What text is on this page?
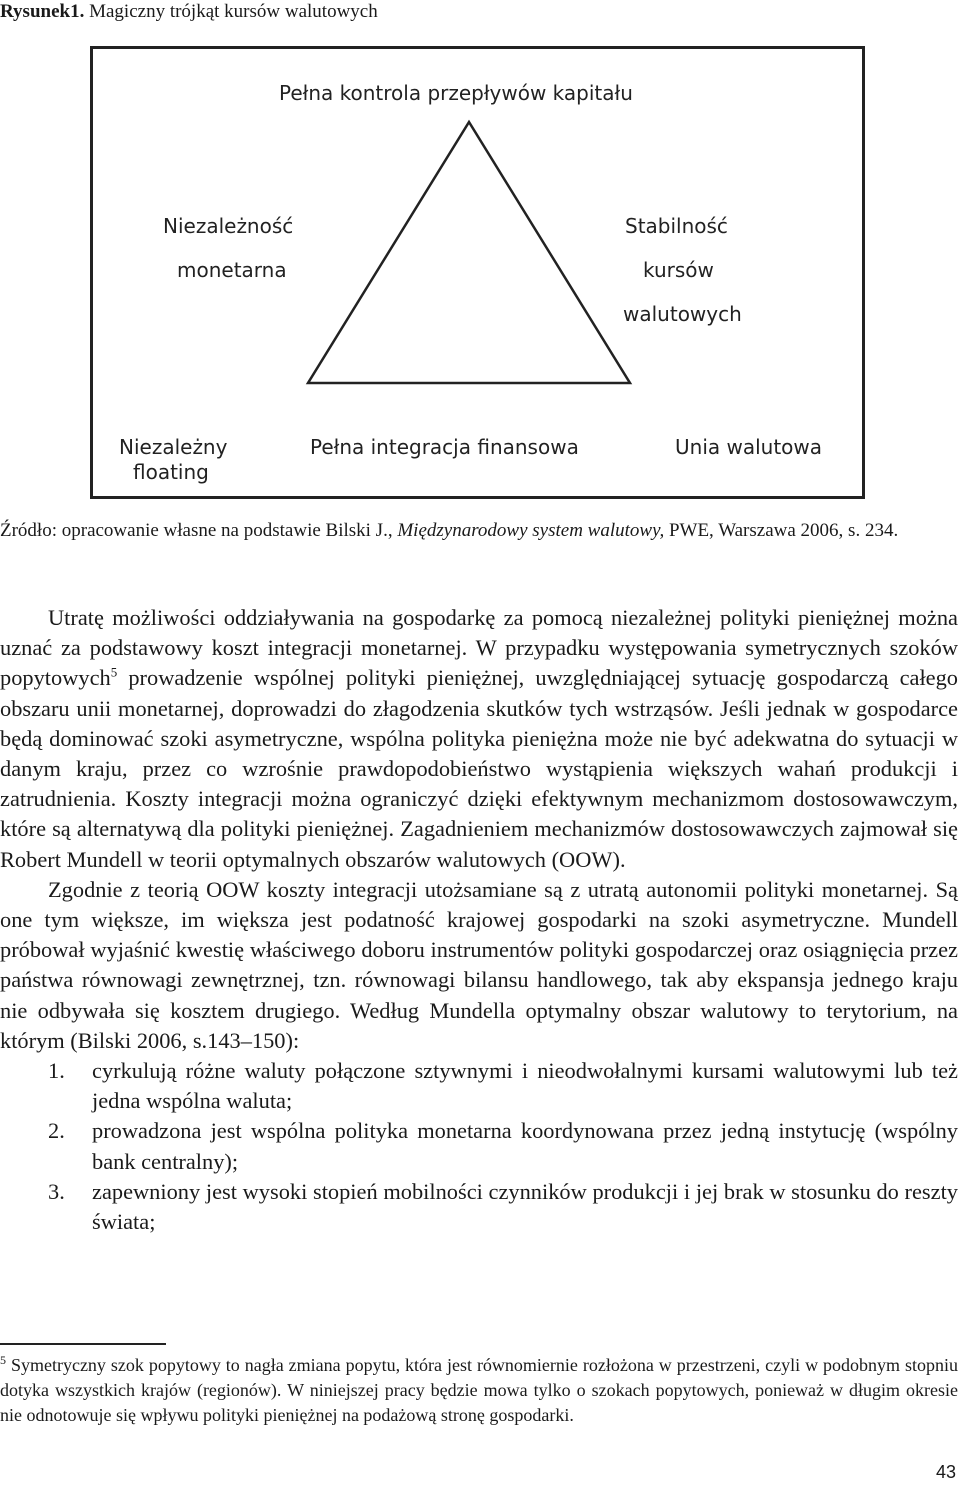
Rysunek1. Magiczny trójkąt kursów walutowych
Pełna kontrola przepływów kapitału
Niezależność
monetarna
Stabilność
kursów
walutowych
Niezależny
floating
Pełna integracja finansowa	Unia walutowa
Źródło: opracowanie własne na podstawie Bilski J., Międzynarodowy system walutowy, PWE, Warszawa 2006, s. 234.

Utratę możliwości oddziaływania na gospodarkę za pomocą niezależnej polityki pieniężnej można uznać za podstawowy koszt integracji monetarnej. W przypadku występowania symetrycznych szoków popytowych$^5$ prowadzenie wspólnej polityki pieniężnej, uwzględniającej sytuację gospodarczą całego obszaru unii monetarnej, doprowadzi do złagodzenia skutków tych wstrząsów. Jeśli jednak w gospodarce będą dominować szoki asymetryczne, wspólna polityka pieniężna może nie być adekwatna do sytuacji w danym kraju, przez co wzrośnie prawdopodobieństwo wystąpienia większych wahań produkcji i zatrudnienia. Koszty integracji można ograniczyć dzięki efektywnym mechanizmom dostosowawczym, które są alternatywą dla polityki pieniężnej. Zagadnieniem mechanizmów dostosowawczych zajmował się Robert Mundell w teorii optymalnych obszarów walutowych (OOW).

Zgodnie z teorią OOW koszty integracji utożsamiane są z utratą autonomii polityki monetarnej. Są one tym większe, im większa jest podatność krajowej gospodarki na szoki asymetryczne. Mundell próbował wyjaśnić kwestię właściwego doboru instrumentów polityki gospodarczej oraz osiągnięcia przez państwa równowagi zewnętrznej, tzn. równowagi bilansu handlowego, tak aby ekspansja jednego kraju nie odbywała się kosztem drugiego. Według Mundella optymalny obszar walutowy to terytorium, na którym (Bilski 2006, s.143–150):

1. cyrkulują różne waluty połączone sztywnymi i nieodwołalnymi kursami walutowymi lub też jedna wspólna waluta;
2. prowadzona jest wspólna polityka monetarna koordynowana przez jedną instytucję (wspólny bank centralny);
3. zapewniony jest wysoki stopień mobilności czynników produkcji i jej brak w stosunku do reszty świata;
$^5$ Symetryczny szok popytowy to nagła zmiana popytu, która jest równomiernie rozłożona w przestrzeni, czyli w podobnym stopniu dotyka wszystkich krajów (regionów). W niniejszej pracy będzie mowa tylko o szokach popytowych, ponieważ w długim okresie nie odnotowuje się wpływu polityki pieniężnej na podażową stronę gospodarki.
43
